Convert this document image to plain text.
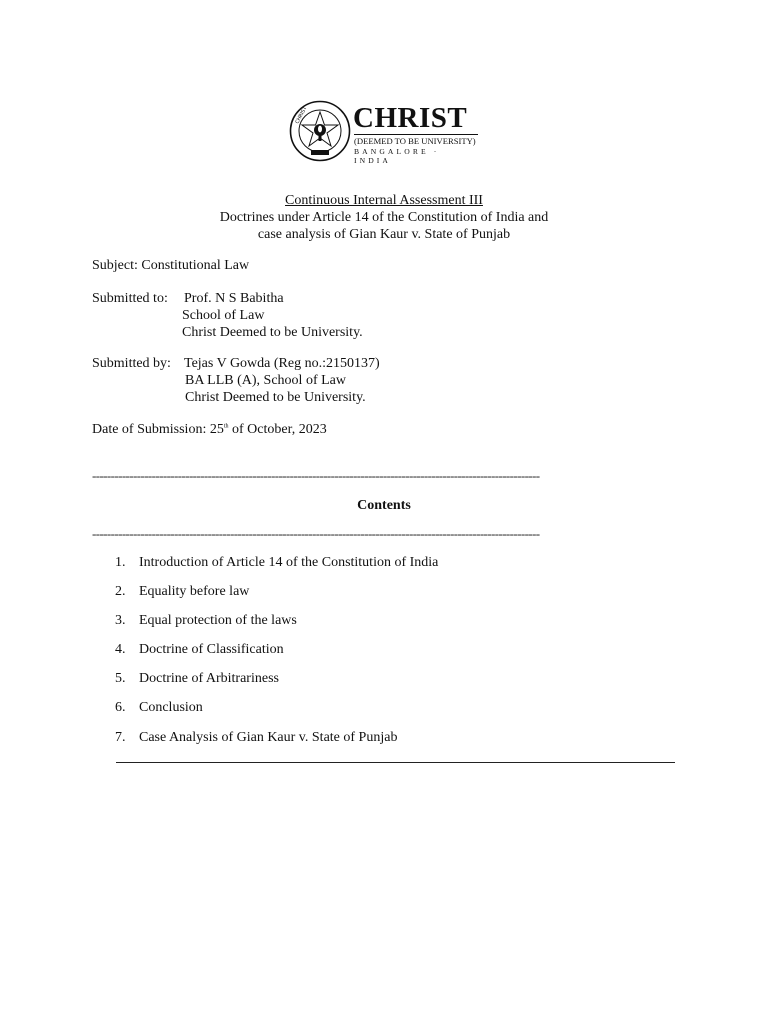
CHRIST CHRIST
(DEEMED TO BE UNIVERSITY)
BANGALORE · INDIA
Continuous Internal Assessment III
Doctrines under Article 14 of the Constitution of India and
case analysis of Gian Kaur v. State of Punjab
Subject: Constitutional Law
Submitted to: Prof. N S Babitha
School of Law
Christ Deemed to be University.
Submitted by: Tejas V Gowda (Reg no.:2150137)
BA LLB (A), School of Law
Christ Deemed to be University.
Date of Submission: 25th of October, 2023
------------------------------------------------------------------------------------------------------------------------
Contents
------------------------------------------------------------------------------------------------------------------------
1. Introduction of Article 14 of the Constitution of India
2. Equality before law
3. Equal protection of the laws
4. Doctrine of Classification
5. Doctrine of Arbitrariness
6. Conclusion
7. Case Analysis of Gian Kaur v. State of Punjab
